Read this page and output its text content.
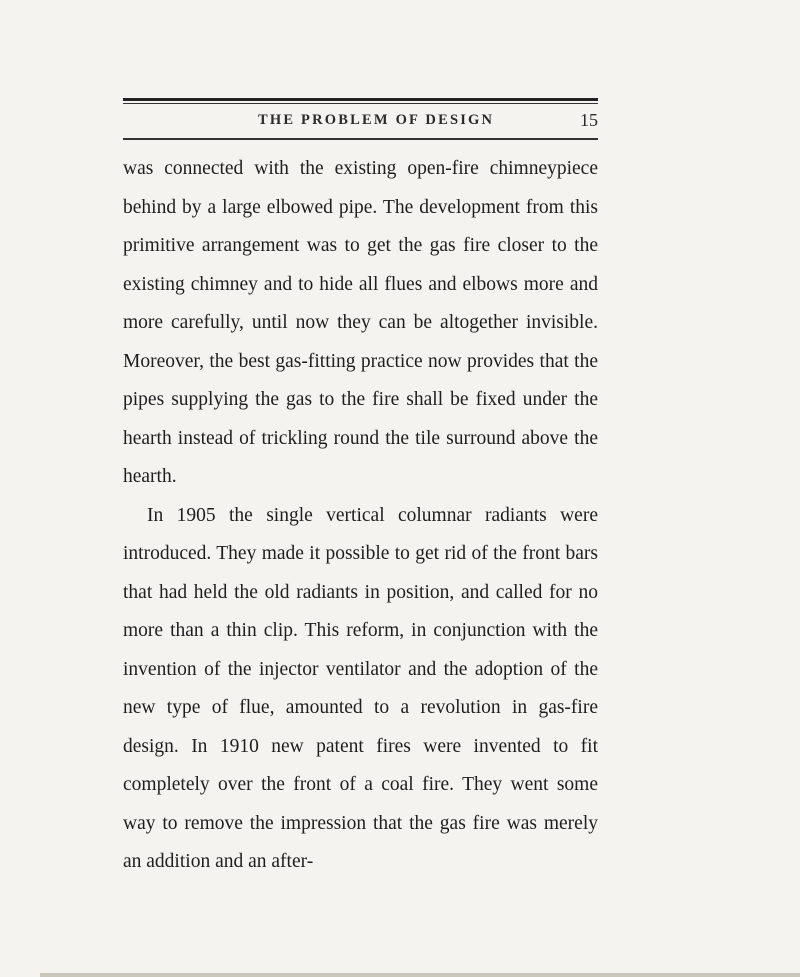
THE PROBLEM OF DESIGN	15

was connected with the existing open-fire chimneypiece behind by a large elbowed pipe. The development from this primitive arrangement was to get the gas fire closer to the existing chimney and to hide all flues and elbows more and more carefully, until now they can be altogether invisible. Moreover, the best gas-fitting practice now provides that the pipes supplying the gas to the fire shall be fixed under the hearth instead of trickling round the tile surround above the hearth.

In 1905 the single vertical columnar radiants were introduced. They made it possible to get rid of the front bars that had held the old radiants in position, and called for no more than a thin clip. This reform, in conjunction with the invention of the injector ventilator and the adoption of the new type of flue, amounted to a revolution in gas-fire design. In 1910 new patent fires were invented to fit completely over the front of a coal fire. They went some way to remove the impression that the gas fire was merely an addition and an after-
